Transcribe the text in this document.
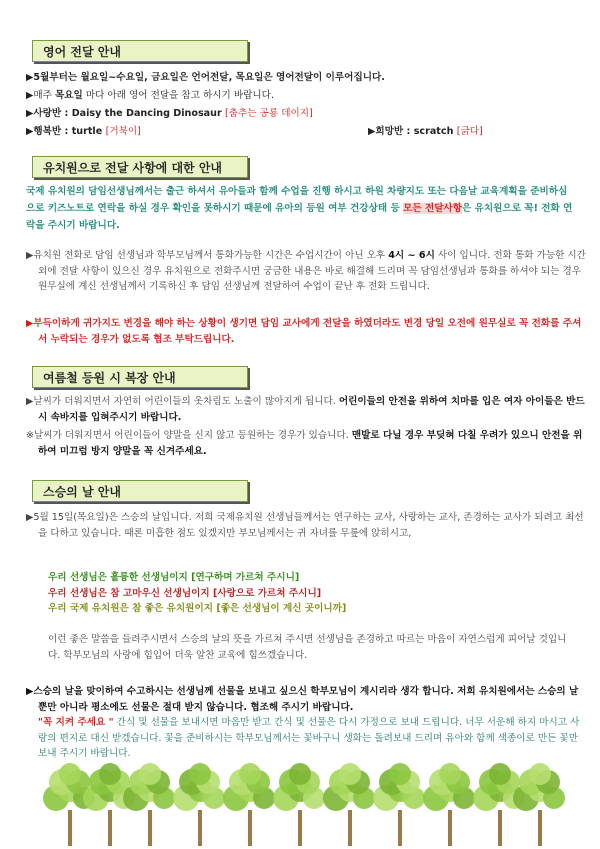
영어 전달 안내
▶5월부터는 월요일~수요일, 금요일은 언어전달, 목요일은 영어전달이 이루어집니다.
▶매주 목요일 마다 아래 영어 전달을 참고 하시기 바랍니다.
▶사랑반 : Daisy the Dancing Dinosaur [춤추는 공룡 데이지]
▶행복반 : turtle [거북이]	▶희망반 : scratch [긁다]
유치원으로 전달 사항에 대한 안내
국제 유치원의 담임선생님께서는 출근 하셔서 유아들과 함께 수업을 진행 하시고 하원 차량지도 또는 다음날 교육계획을 준비하심으로 키즈노트로 연락을 하실 경우 확인을 못하시기 때문에 유아의 등원 여부 건강상태 등 모든 전달사항은 유치원으로 꼭! 전화 연락을 주시기 바랍니다.
▶유치원 전화로 담임 선생님과 학부모님께서 통화가능한 시간은 수업시간이 아닌 오후 4시 ~ 6시 사이 입니다. 전화 통화 가능한 시간 외에 전달 사항이 있으신 경우 유치원으로 전화주시면 궁금한 내용은 바로 해결해 드리며 꼭 담임선생님과 통화를 하셔야 되는 경우 원무실에 계신 선생님께서 기록하신 후 담임 선생님께 전달하여 수업이 끝난 후 전화 드립니다.
▶부득이하게 귀가지도 변경을 해야 하는 상황이 생기면 담임 교사에게 전달을 하였더라도 변경 당일 오전에 원무실로 꼭 전화를 주셔서 누락되는 경우가 없도록 협조 부탁드립니다.
여름철 등원 시 복장 안내
▶날씨가 더워지면서 자연히 어린이들의 옷차림도 노출이 많아지게 됩니다. 어린이들의 안전을 위하여 치마를 입은 여자 아이들은 반드시 속바지를 입혀주시기 바랍니다.
※날씨가 더워지면서 어린이들이 양말을 신지 않고 등원하는 경우가 있습니다. 맨발로 다닐 경우 부딪혀 다칠 우려가 있으니 안전을 위하여 미끄럼 방지 양말을 꼭 신겨주세요.
스승의 날 안내
▶5월 15일(목요일)은 스승의 날입니다. 저희 국제유치원 선생님들께서는 연구하는 교사, 사랑하는 교사, 존경하는 교사가 되려고 최선을 다하고 있습니다. 때론 미흡한 점도 있겠지만 부모님께서는 귀 자녀를 무릎에 앉히시고,
우리 선생님은 훌륭한 선생님이지 [연구하며 가르쳐 주시니]
우리 선생님은 참 고마우신 선생님이지 [사랑으로 가르쳐 주시니]
우리 국제 유치원은 참 좋은 유치원이지 [좋은 선생님이 계신 곳이니까]
이런 좋은 말씀을 들려주시면서 스승의 날의 뜻을 가르쳐 주시면 선생님을 존경하고 따르는 마음이 자연스럽게 피어날 것입니다. 학부모님의 사랑에 힘입어 더욱 알찬 교육에 힘쓰겠습니다.
▶스승의 날을 맞이하여 수고하시는 선생님께 선물을 보내고 싶으신 학부모님이 계시리라 생각 합니다. 저희 유치원에서는 스승의 날 뿐만 아니라 평소에도 선물은 절대 받지 않습니다. 협조해 주시기 바랍니다.
"꼭 지켜 주세요 " 간식 및 선물을 보내시면 마음만 받고 간식 및 선물은 다시 가정으로 보내 드립니다. 너무 서운해 하지 마시고 사랑의 편지로 대신 받겠습니다. 꽃을 준비하시는 학부모님께서는 꽃바구니 생화는 돌려보내 드리며 유아와 함께 색종이로 만든 꽃만 보내 주시기 바랍니다.
